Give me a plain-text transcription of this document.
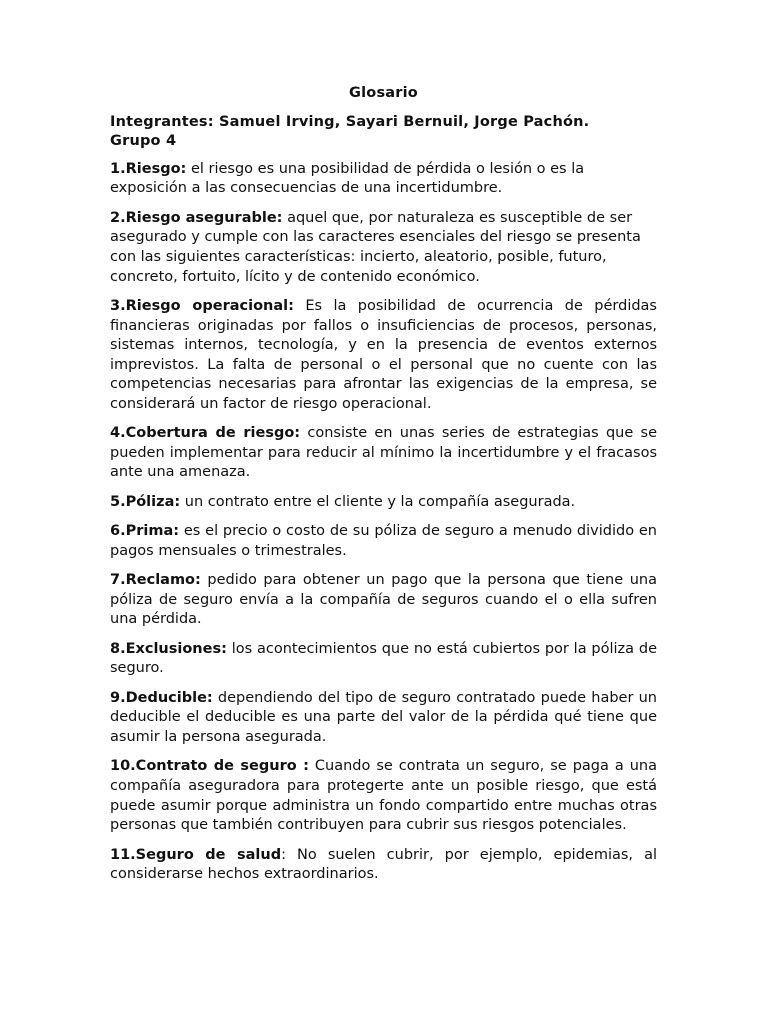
Glosario
Integrantes: Samuel Irving, Sayari Bernuil, Jorge Pachón.
Grupo 4

1.Riesgo: el riesgo es una posibilidad de pérdida o lesión o es la exposición a las consecuencias de una incertidumbre.

2.Riesgo asegurable: aquel que, por naturaleza es susceptible de ser asegurado y cumple con las caracteres esenciales del riesgo se presenta con las siguientes características: incierto, aleatorio, posible, futuro, concreto, fortuito, lícito y de contenido económico.

3.Riesgo operacional: Es la posibilidad de ocurrencia de pérdidas financieras originadas por fallos o insuficiencias de procesos, personas, sistemas internos, tecnología, y en la presencia de eventos externos imprevistos. La falta de personal o el personal que no cuente con las competencias necesarias para afrontar las exigencias de la empresa, se considerará un factor de riesgo operacional.

4.Cobertura de riesgo: consiste en unas series de estrategias que se pueden implementar para reducir al mínimo la incertidumbre y el fracasos ante una amenaza.

5.Póliza: un contrato entre el cliente y la compañía asegurada.

6.Prima: es el precio o costo de su póliza de seguro a menudo dividido en pagos mensuales o trimestrales.

7.Reclamo: pedido para obtener un pago que la persona que tiene una póliza de seguro envía a la compañía de seguros cuando el o ella sufren una pérdida.

8.Exclusiones: los acontecimientos que no está cubiertos por la póliza de seguro.

9.Deducible: dependiendo del tipo de seguro contratado puede haber un deducible el deducible es una parte del valor de la pérdida qué tiene que asumir la persona asegurada.

10.Contrato de seguro : Cuando se contrata un seguro, se paga a una compañía aseguradora para protegerte ante un posible riesgo, que está puede asumir porque administra un fondo compartido entre muchas otras personas que también contribuyen para cubrir sus riesgos potenciales.

11.Seguro de salud: No suelen cubrir, por ejemplo, epidemias, al considerarse hechos extraordinarios.
